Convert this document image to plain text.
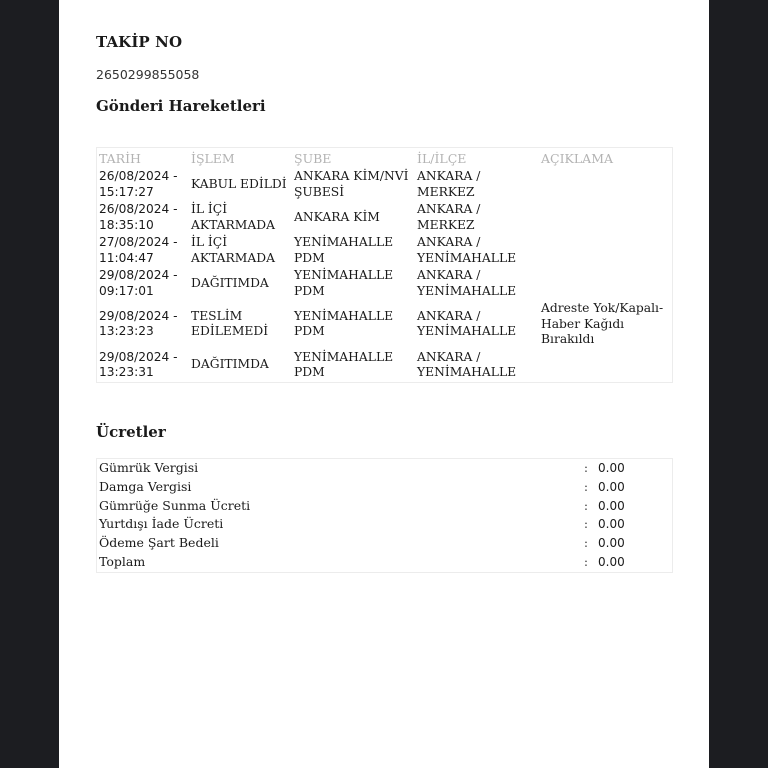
TAKİP NO
2650299855058
Gönderi Hareketleri
TARİH	İŞLEM	ŞUBE	İL/İLÇE	AÇIKLAMA
26/08/2024 - 15:17:27	KABUL EDİLDİ	ANKARA KİM/NVİ ŞUBESİ	ANKARA / MERKEZ	
26/08/2024 - 18:35:10	İL İÇİ AKTARMADA	ANKARA KİM	ANKARA / MERKEZ	
27/08/2024 - 11:04:47	İL İÇİ AKTARMADA	YENİMAHALLE PDM	ANKARA / YENİMAHALLE	
29/08/2024 - 09:17:01	DAĞITIMDA	YENİMAHALLE PDM	ANKARA / YENİMAHALLE	
29/08/2024 - 13:23:23	TESLİM EDİLEMEDİ	YENİMAHALLE PDM	ANKARA / YENİMAHALLE	Adreste Yok/Kapalı-Haber Kağıdı Bırakıldı
29/08/2024 - 13:23:31	DAĞITIMDA	YENİMAHALLE PDM	ANKARA / YENİMAHALLE	
Ücretler
Gümrük Vergisi	:	0.00
Damga Vergisi	:	0.00
Gümrüğe Sunma Ücreti	:	0.00
Yurtdışı İade Ücreti	:	0.00
Ödeme Şart Bedeli	:	0.00
Toplam	:	0.00
